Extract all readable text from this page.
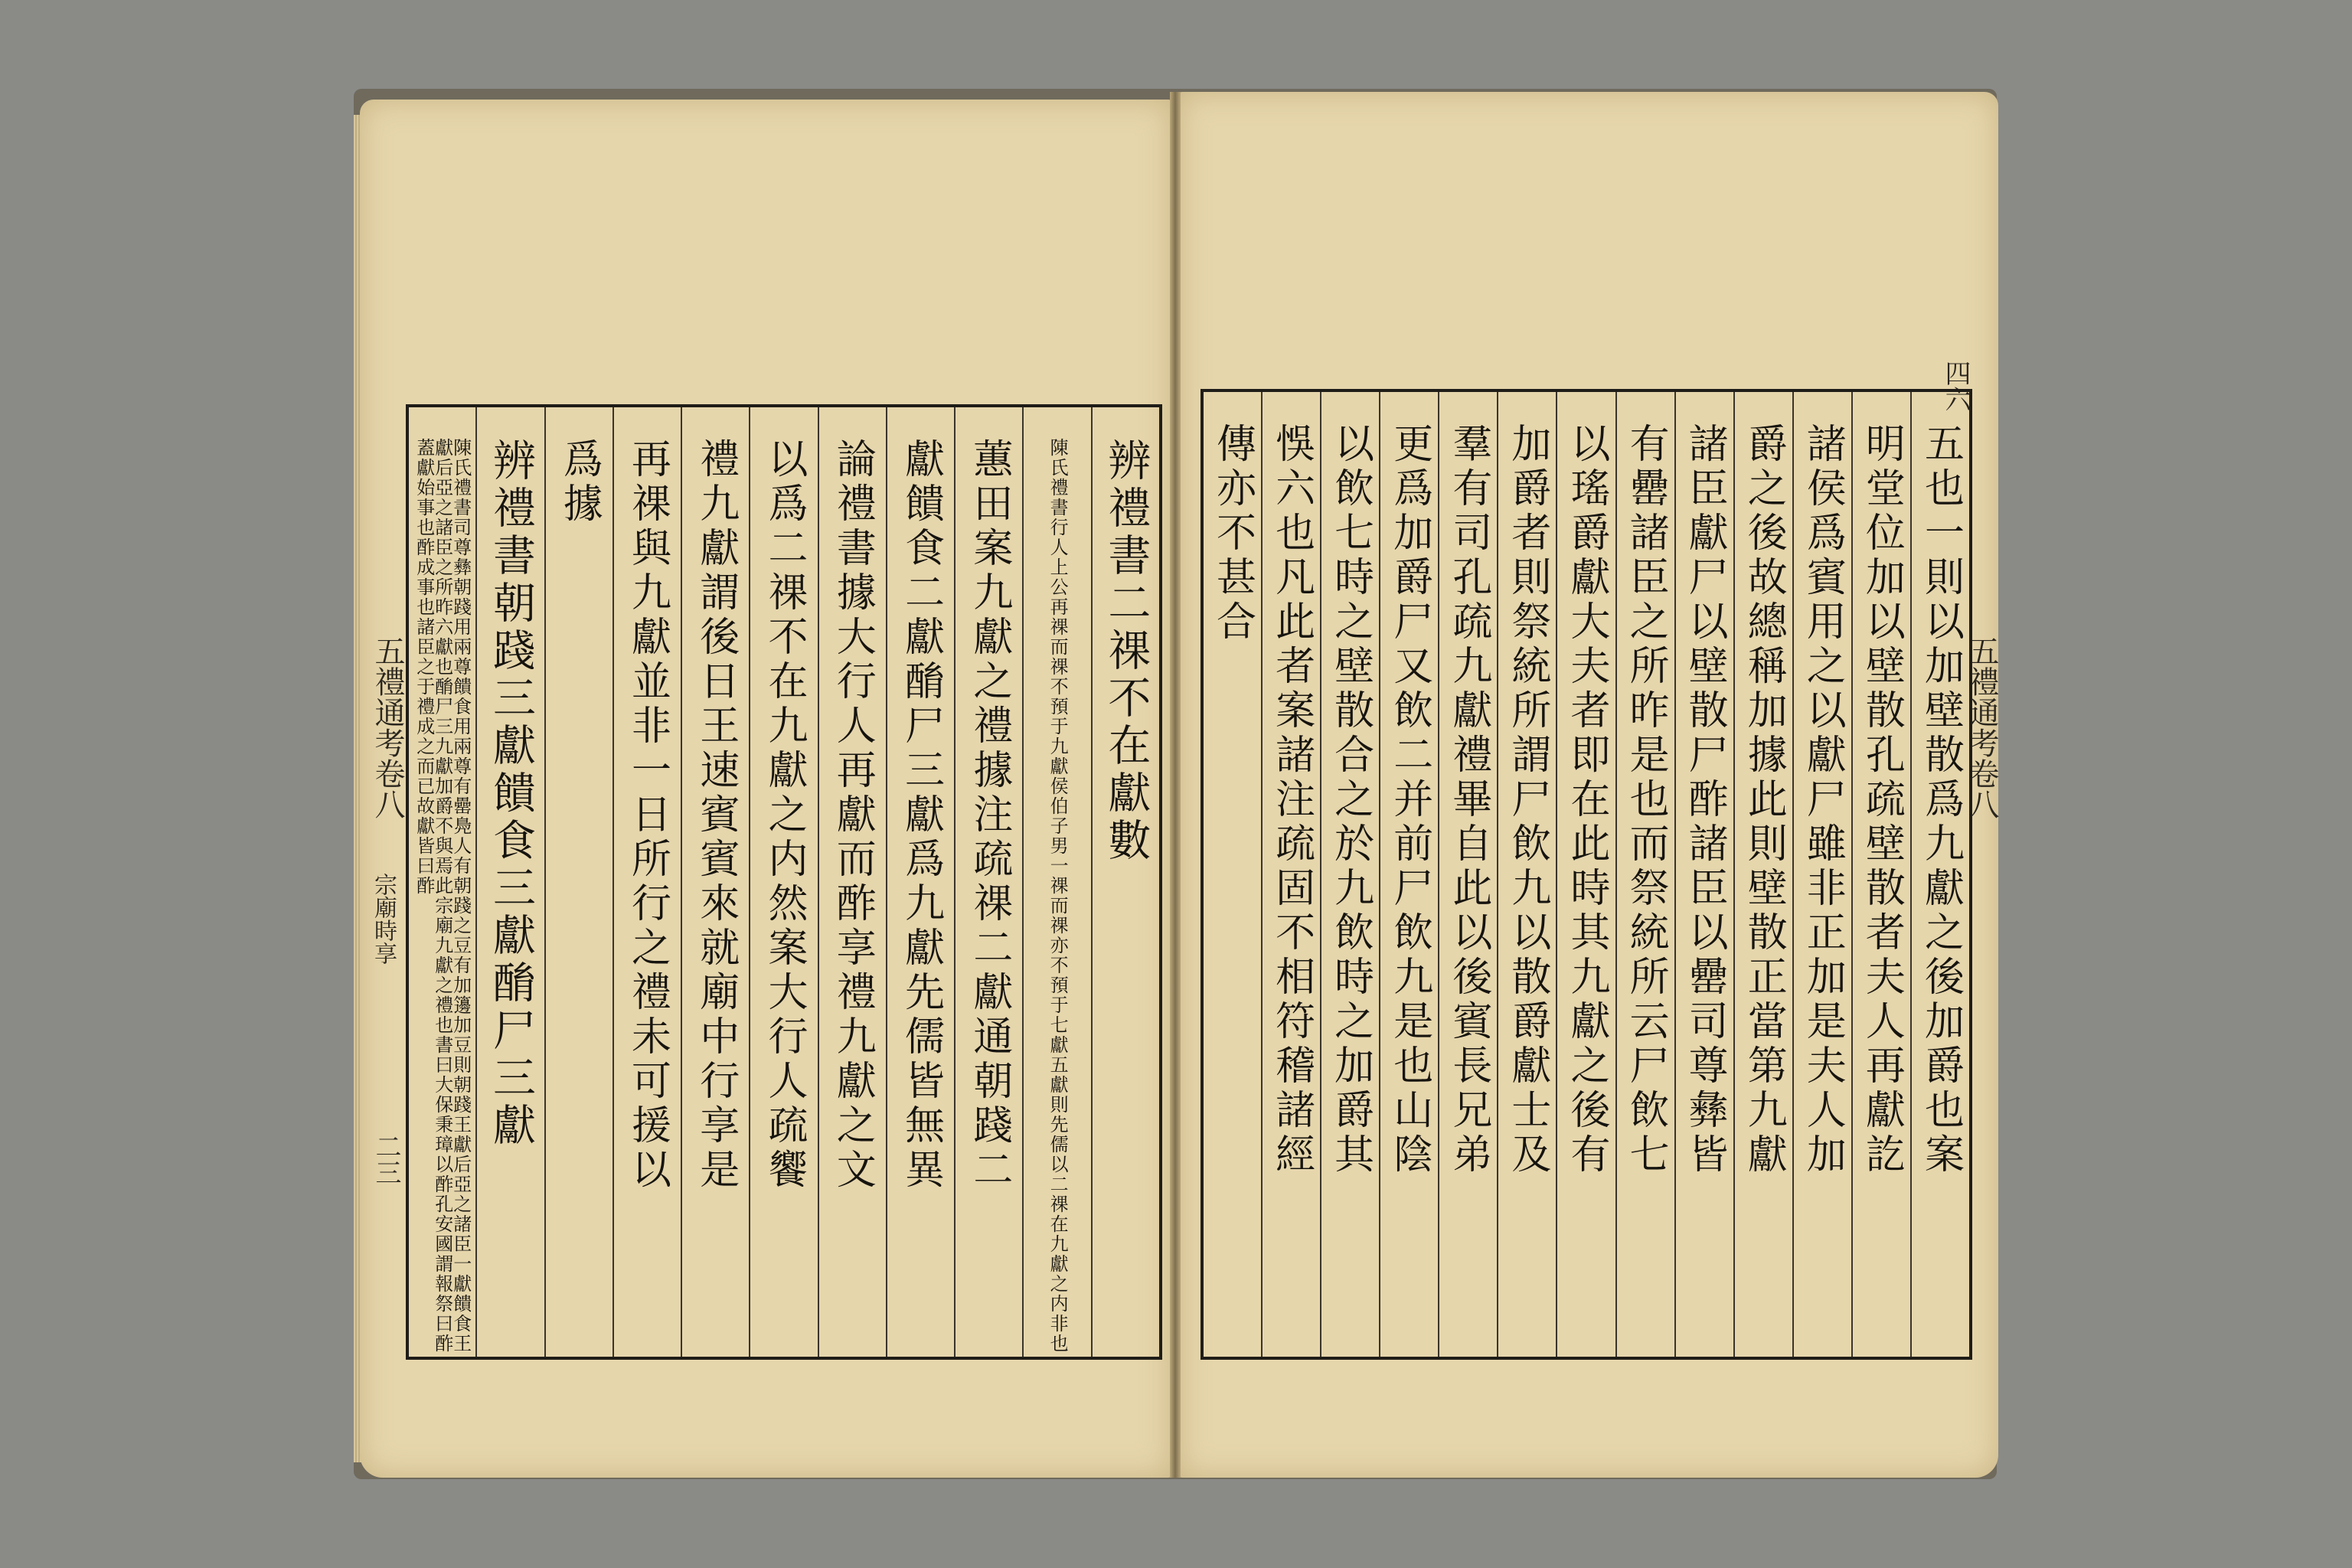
五禮通考卷八
宗廟時享
二三
五禮通考卷八
四六
辨禮書二祼不在獻數
陳氏禮書行人上公再祼而祼不預于九獻侯伯子男一祼而祼亦不預于七獻五獻則先儒以二祼在九獻之内非也
蕙田案九獻之禮據注疏祼二獻通朝踐二
獻饋食二獻酳尸三獻爲九獻先儒皆無異
論禮書據大行人再獻而酢享禮九獻之文
以爲二祼不在九獻之内然案大行人疏饗
禮九獻謂後日王速賓賓來就廟中行享是
再祼與九獻並非一日所行之禮未可援以
爲據
辨禮書朝踐三獻饋食三獻酳尸三獻
陳氏禮書司尊彝朝踐用兩尊饋食用兩尊有罍鳧人有朝踐之豆有加籩加豆則朝踐王獻后亞之諸臣一獻饋食王獻后亞之諸臣之所昨六獻也酳尸三九獻加爵不與焉此宗廟九獻之禮也書曰大保秉璋以酢孔安國謂報祭曰酢蓋獻始事也酢成事也諸臣之于禮成之而已故獻皆曰酢	五也一則以加壁散爲九獻之後加爵也案
明堂位加以壁散孔疏壁散者夫人再獻訖
諸侯爲賓用之以獻尸雖非正加是夫人加
爵之後故總稱加據此則壁散正當第九獻
諸臣獻尸以壁散尸酢諸臣以罍司尊彝皆
有罍諸臣之所昨是也而祭統所云尸飲七
以瑤爵獻大夫者即在此時其九獻之後有
加爵者則祭統所謂尸飲九以散爵獻士及
羣有司孔疏九獻禮畢自此以後賓長兄弟
更爲加爵尸又飲二并前尸飲九是也山陰
以飲七時之壁散合之於九飲時之加爵其
悞六也凡此者案諸注疏固不相符稽諸經
傳亦不甚合
